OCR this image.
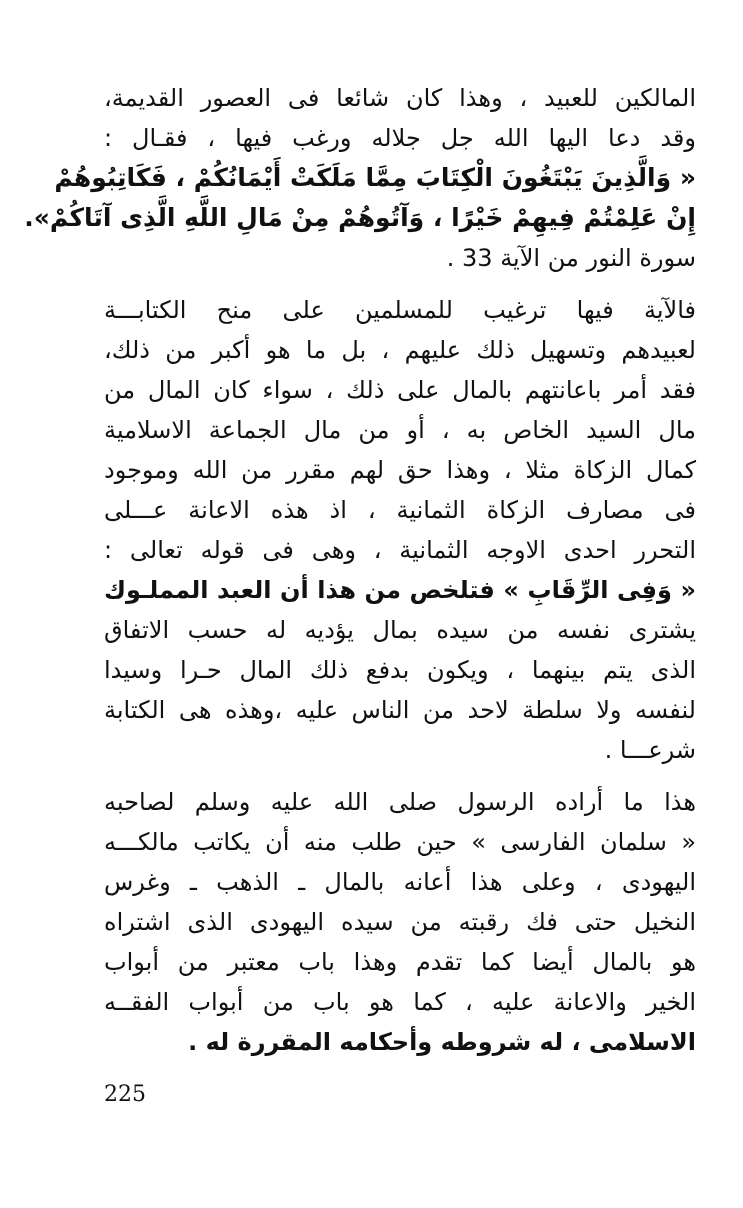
المالكين للعبيد ، وهذا كان شائعا فى العصور القديمة،
وقد دعا اليها الله جل جلاله ورغب فيها ، فقـال :
« وَالَّذِينَ يَبْتَغُونَ الْكِتَابَ مِمَّا مَلَكَتْ أَيْمَانُكُمْ ، فَكَاتِبُوهُمْ
إِنْ عَلِمْتُمْ فِيهِمْ خَيْرًا ، وَآتُوهُمْ مِنْ مَالِ اللَّهِ الَّذِى آتَاكُمْ».
سورة النور من الآية 33 .
فالآية فيها ترغيب للمسلمين على منح الكتابـــة
لعبيدهم وتسهيل ذلك عليهم ، بل ما هو أكبر من ذلك،
فقد أمر باعانتهم بالمال على ذلك ، سواء كان المال من
مال السيد الخاص به ، أو من مال الجماعة الاسلامية
كمال الزكاة مثلا ، وهذا حق لهم مقرر من الله وموجود
فى مصارف الزكاة الثمانية ، اذ هذه الاعانة عـــلى
التحرر احدى الاوجه الثمانية ، وهى فى قوله تعالى :
« وَفِى الرِّقَابِ » فتلخص من هذا أن العبد المملـوك
يشترى نفسه من سيده بمال يؤديه له حسب الاتفاق
الذى يتم بينهما ، ويكون بدفع ذلك المال حـرا وسيدا
لنفسه ولا سلطة لاحد من الناس عليه ،وهذه هى الكتابة
شرعـــا .
هذا ما أراده الرسول صلى الله عليه وسلم لصاحبه
« سلمان الفارسى » حين طلب منه أن يكاتب مالكـــه
اليهودى ، وعلى هذا أعانه بالمال ـ الذهب ـ وغرس
النخيل حتى فك رقبته من سيده اليهودى الذى اشتراه
هو بالمال أيضا كما تقدم وهذا باب معتبر من أبواب
الخير والاعانة عليه ، كما هو باب من أبواب الفقــه
الاسلامى ، له شروطه وأحكامه المقررة له .
225
